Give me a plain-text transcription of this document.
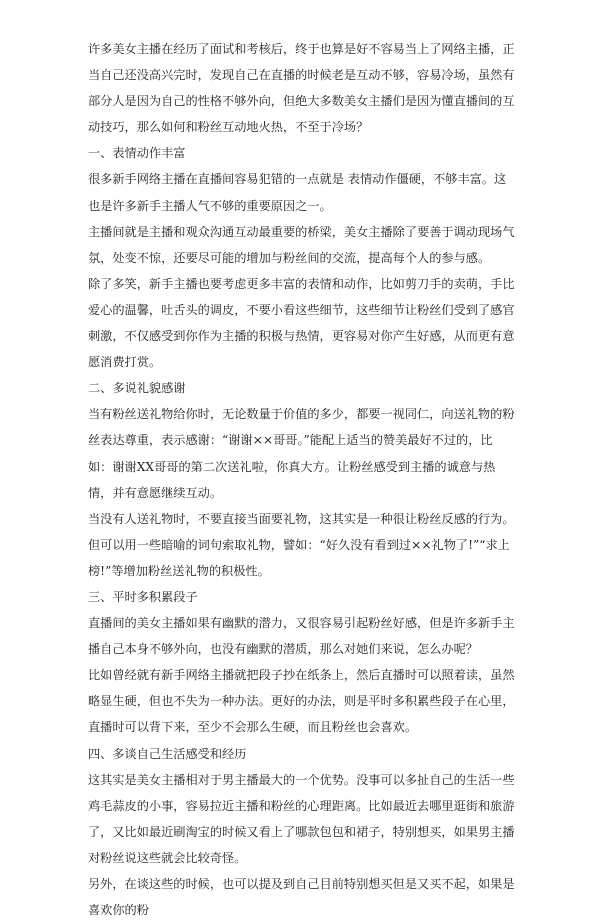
许多美女主播在经历了面试和考核后，终于也算是好不容易当上了网络主播，正当自己还没高兴完时，发现自己在直播的时候老是互动不够，容易冷场，虽然有部分人是因为自己的性格不够外向，但绝大多数美女主播们是因为懂直播间的互动技巧，那么如何和粉丝互动地火热，不至于冷场？

一、表情动作丰富

很多新手网络主播在直播间容易犯错的一点就是 表情动作僵硬，不够丰富。这也是许多新手主播人气不够的重要原因之一。

主播间就是主播和观众沟通互动最重要的桥梁，美女主播除了要善于调动现场气氛，处变不惊，还要尽可能的增加与粉丝间的交流，提高每个人的参与感。

除了多笑，新手主播也要考虑更多丰富的表情和动作，比如剪刀手的卖萌，手比爱心的温馨，吐舌头的调皮，不要小看这些细节，这些细节让粉丝们受到了感官刺激，不仅感受到你作为主播的积极与热情，更容易对你产生好感，从而更有意愿消费打赏。

二、多说礼貌感谢

当有粉丝送礼物给你时，无论数量于价值的多少，都要一视同仁，向送礼物的粉丝表达尊重，表示感谢：“谢谢××哥哥。”能配上适当的赞美最好不过的，比如：谢谢XX哥哥的第二次送礼啦，你真大方。让粉丝感受到主播的诚意与热情，并有意愿继续互动。

当没有人送礼物时，不要直接当面要礼物，这其实是一种很让粉丝反感的行为。但可以用一些暗喻的词句索取礼物，譬如：“好久没有看到过××礼物了!”“求上榜!”等增加粉丝送礼物的积极性。

三、平时多积累段子

直播间的美女主播如果有幽默的潜力，又很容易引起粉丝好感，但是许多新手主播自己本身不够外向，也没有幽默的潜质，那么对她们来说，怎么办呢？

比如曾经就有新手网络主播就把段子抄在纸条上，然后直播时可以照着读，虽然略显生硬，但也不失为一种办法。更好的办法，则是平时多积累些段子在心里，直播时可以背下来，至少不会那么生硬，而且粉丝也会喜欢。

四、多谈自己生活感受和经历

这其实是美女主播相对于男主播最大的一个优势。没事可以多扯自己的生活一些鸡毛蒜皮的小事，容易拉近主播和粉丝的心理距离。比如最近去哪里逛街和旅游了，又比如最近刷淘宝的时候又看上了哪款包包和裙子，特别想买，如果男主播对粉丝说这些就会比较奇怪。

另外，在谈这些的时候，也可以提及到自己目前特别想买但是又买不起，如果是喜欢你的粉
